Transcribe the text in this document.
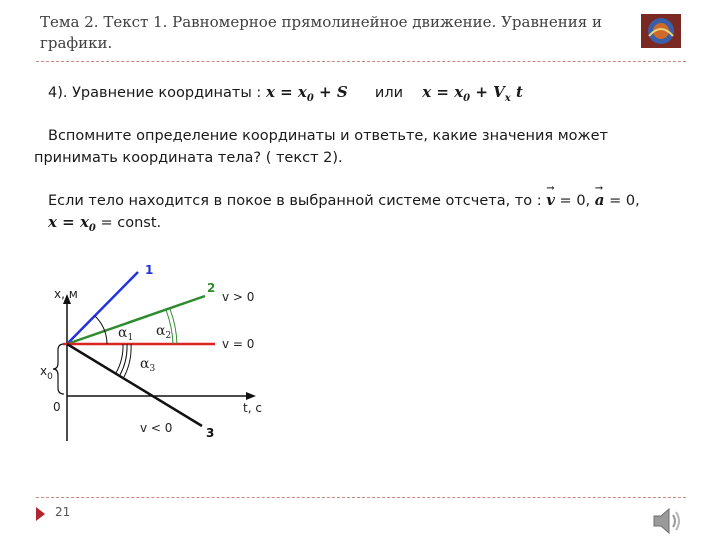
Тема 2. Текст 1. Равномерное прямолинейное движение. Уравнения и графики.
4). Уравнение координаты : $x = x_0 + S$ или $x = x_0 + V_x$ t
Вспомните определение координаты и ответьте, какие значения может
принимать координата тела? ( текст 2).
Если тело находится в покое в выбранной системе отсчета, то : → v = 0, → a = 0,
$x = x_0$ = const.
x, м
t, c
0
$x_0$
1
2
3
v > 0
v = 0
v < 0
$\alpha_1$ $\alpha_2$
$\alpha_3$
21
